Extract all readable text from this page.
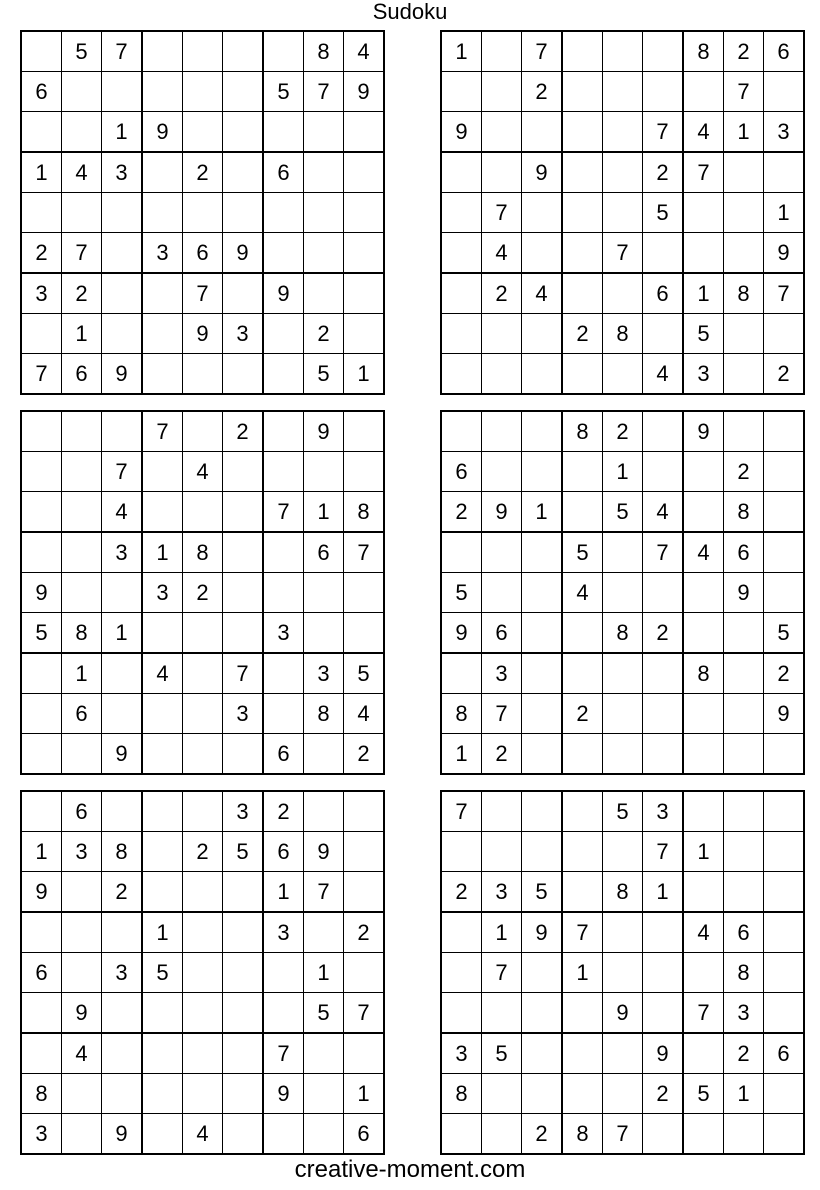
Sudoku
	5	7					8	4
6						5	7	9
		1	9					
1	4	3		2		6		

2	7		3	6	9			
3	2			7		9		
	1			9	3		2	
7	6	9					5	1
1		7				8	2	6
		2					7	
9					7	4	1	3
		9			2	7		
	7				5			1
	4			7				9
	2	4			6	1	8	7
			2	8		5		
					4	3		2
			7		2		9	
		7		4				
		4				7	1	8
		3	1	8			6	7
9			3	2				
5	8	1				3		
	1		4		7		3	5
	6				3		8	4
		9				6		2
			8	2		9		
6				1			2	
2	9	1		5	4		8	
			5		7	4	6	
5			4				9	
9	6			8	2			5
	3					8		2
8	7		2					9
1	2							
	6				3	2		
1	3	8		2	5	6	9	
9		2				1	7	
			1			3		2
6		3	5				1	
	9						5	7
	4					7		
8						9		1
3		9		4				6
7				5	3			
					7	1		
2	3	5		8	1			
	1	9	7			4	6	
	7		1				8	
				9		7	3	
3	5				9		2	6
8					2	5	1	
		2	8	7				
creative-moment.com
